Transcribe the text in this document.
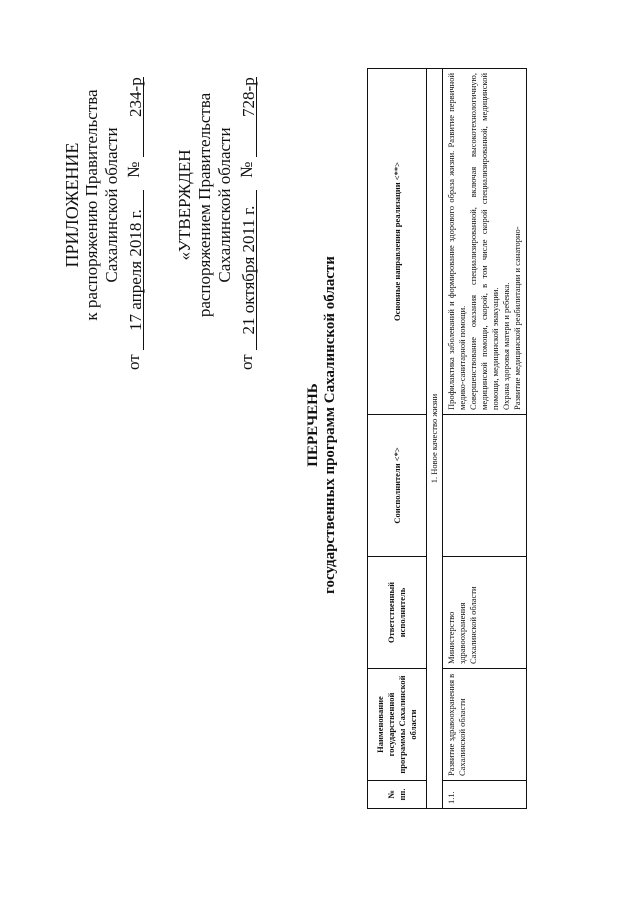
ПРИЛОЖЕНИЕ к распоряжению Правительства Сахалинской области
от 17 апреля 2018 г. № 234-р
«УТВЕРЖДЕН распоряжением Правительства Сахалинской области
от 21 октября 2011 г. № 728-р
ПЕРЕЧЕНЬ государственных программ Сахалинской области
№ пп.	Наименование государственной программы Сахалинской области	Ответственный исполнитель	Соисполнители <*>	Основные направления реализации <**>
1. Новое качество жизни				
1.1.	Развитие здравоохранения в Сахалинской области	Министерство здравоохранения Сахалинской области		Профилактика заболеваний и формирование здорового образа жизни. Развитие первичной медико-санитарной помощи. Совершенствование оказания специализированной, включая высокотехнологичную, медицинской помощи, скорой, в том числе скорой специализированной, медицинской помощи, медицинской эвакуации. Охрана здоровья матери и ребенка. Развитие медицинской реабилитации и санаторно-
